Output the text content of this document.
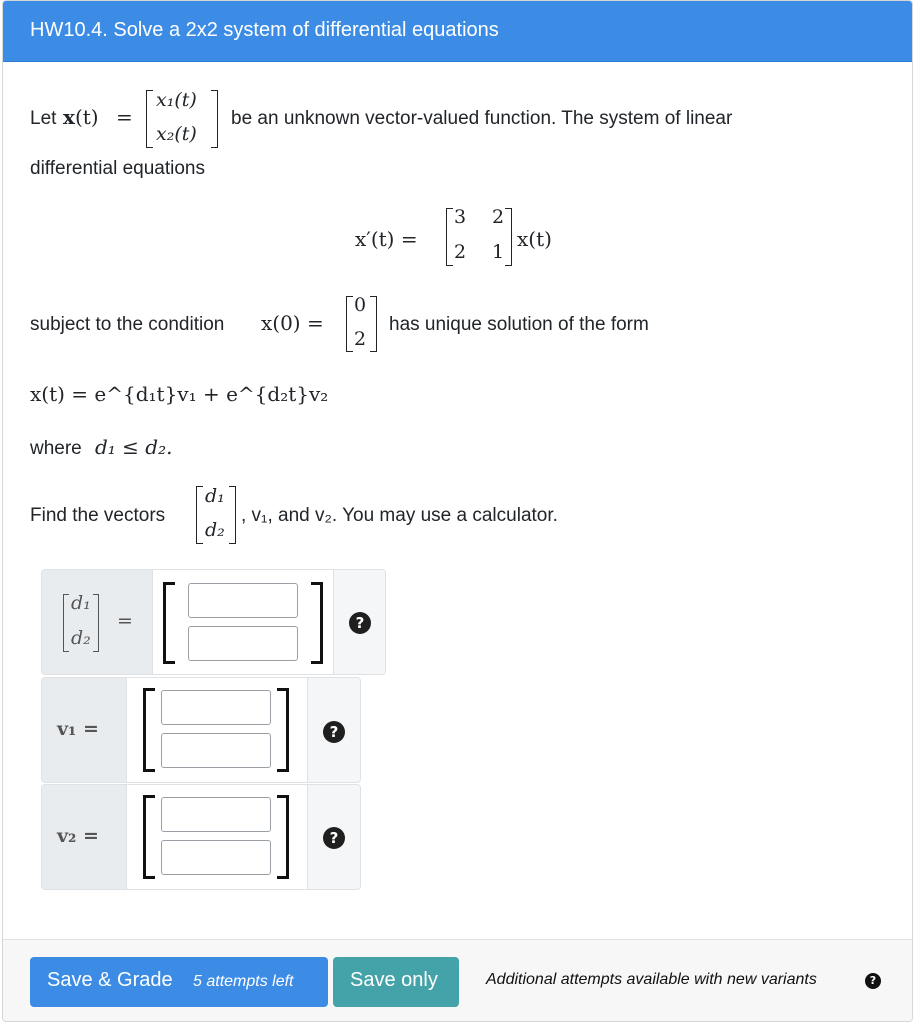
HW10.4. Solve a 2x2 system of differential equations
Let x(t) =
x₁(t)
x₂(t)
be an unknown vector-valued function. The system of linear
differential equations
x′(t) =
3 2
2 1
x(t)
subject to the condition x(0) =
0
2
has unique solution of the form
x(t) = e^{d₁t}v₁ + e^{d₂t}v₂
where d₁ ≤ d₂.
Find the vectors
d₁
d₂
, v₁, and v₂. You may use a calculator.
d₁
d₂
=	?
v₁ =	?
v₂ =	?
Save & Grade 5 attempts left	Save only	Additional attempts available with new variants	?
